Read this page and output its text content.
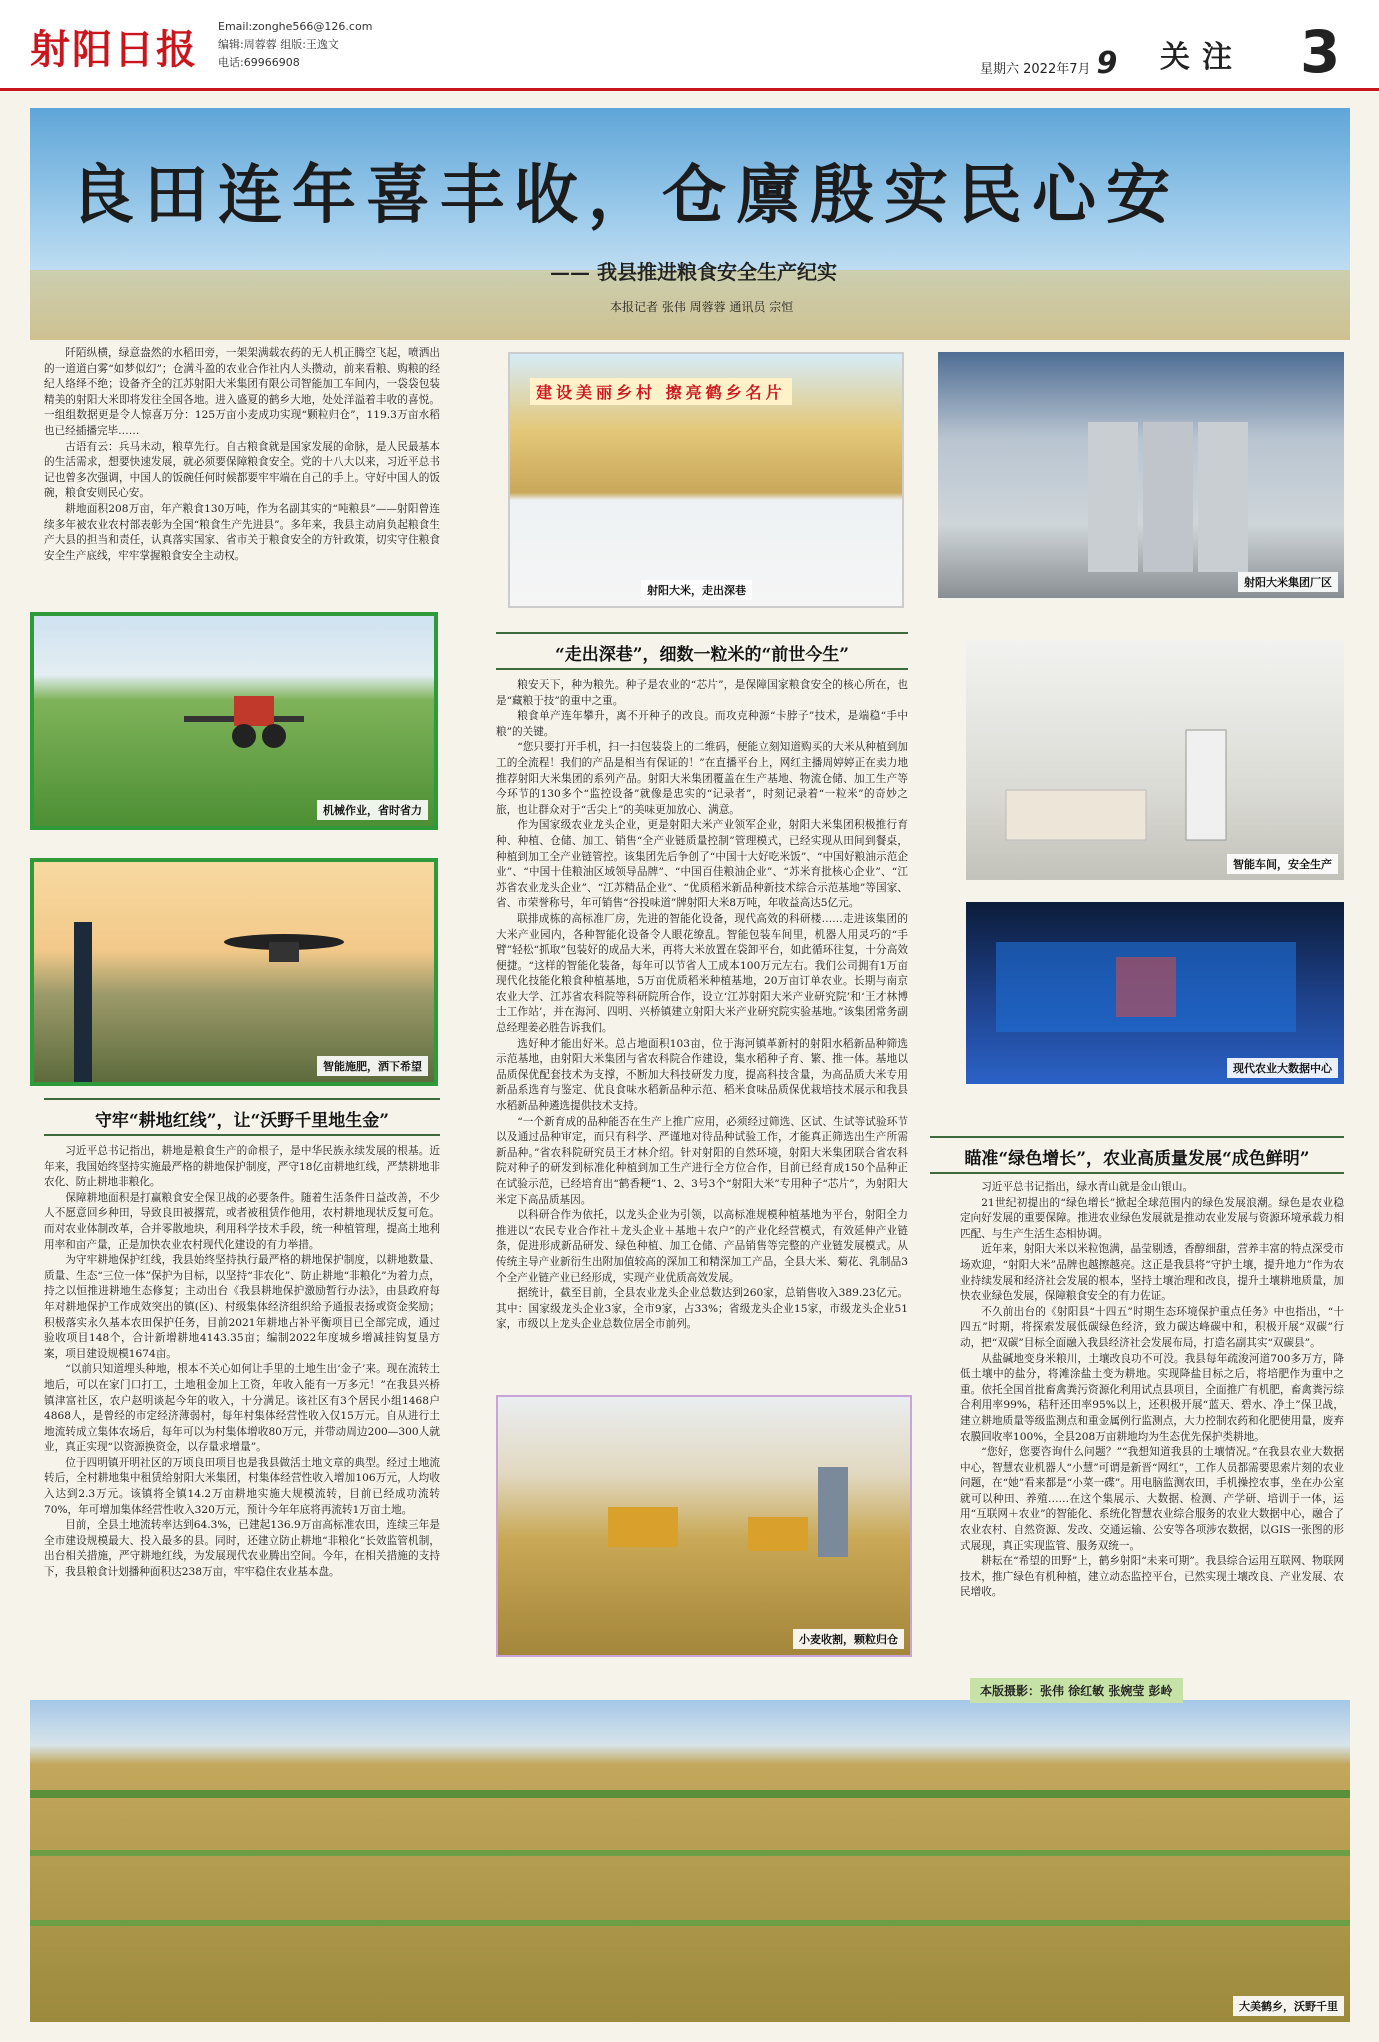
射阳日报 Email:zonghe566@126.com
编辑:周蓉蓉 组版:王逸文
电话:69966908	星期六 2022年7月 9 关注 3
良田连年喜丰收，仓廪殷实民心安
—— 我县推进粮食安全生产纪实
本报记者 张伟 周蓉蓉 通讯员 宗恒

阡陌纵横，绿意盎然的水稻田旁，一架架满载农药的无人机正腾空飞起，喷洒出的一道道白雾“如梦似幻”；仓满斗盈的农业合作社内人头攒动，前来看粮、购粮的经纪人络绎不绝；设备齐全的江苏射阳大米集团有限公司智能加工车间内，一袋袋包装精美的射阳大米即将发往全国各地。进入盛夏的鹤乡大地，处处洋溢着丰收的喜悦。一组组数据更是令人惊喜万分：125万亩小麦成功实现“颗粒归仓”，119.3万亩水稻也已经插播完毕……

古语有云：兵马未动，粮草先行。自古粮食就是国家发展的命脉，是人民最基本的生活需求，想要快速发展，就必须要保障粮食安全。党的十八大以来，习近平总书记也曾多次强调，中国人的饭碗任何时候都要牢牢端在自己的手上。守好中国人的饭碗，粮食安则民心安。

耕地面积208万亩，年产粮食130万吨，作为名副其实的“吨粮县”——射阳曾连续多年被农业农村部表彰为全国“粮食生产先进县”。多年来，我县主动肩负起粮食生产大县的担当和责任，认真落实国家、省市关于粮食安全的方针政策，切实守住粮食安全生产底线，牢牢掌握粮食安全主动权。

机械作业，省时省力
智能施肥，洒下希望
守牢“耕地红线”，让“沃野千里地生金”

习近平总书记指出，耕地是粮食生产的命根子，是中华民族永续发展的根基。近年来，我国始终坚持实施最严格的耕地保护制度，严守18亿亩耕地红线，严禁耕地非农化、防止耕地非粮化。

保障耕地面积是打赢粮食安全保卫战的必要条件。随着生活条件日益改善，不少人不愿意回乡种田，导致良田被撂荒，或者被租赁作他用，农村耕地现状反复可危。而对农业体制改革，合并零散地块，利用科学技术手段，统一种植管理，提高土地利用率和亩产量，正是加快农业农村现代化建设的有力举措。

为守牢耕地保护红线，我县始终坚持执行最严格的耕地保护制度，以耕地数量、质量、生态“三位一体”保护为目标，以坚持“非农化”、防止耕地“非粮化”为着力点，持之以恒推进耕地生态修复；主动出台《我县耕地保护激励暂行办法》，由县政府每年对耕地保护工作成效突出的镇(区)、村级集体经济组织给予通报表扬或资金奖励；积极落实永久基本农田保护任务，目前2021年耕地占补平衡项目已全部完成，通过验收项目148个，合计新增耕地4143.35亩；编制2022年度城乡增减挂钩复垦方案，项目建设规模1674亩。

“以前只知道埋头种地，根本不关心如何让手里的土地生出‘金子’来。现在流转土地后，可以在家门口打工，土地租金加上工资，年收入能有一万多元！”在我县兴桥镇津富社区，农户赵明谈起今年的收入，十分满足。该社区有3个居民小组1468户4868人，是曾经的市定经济薄弱村，每年村集体经营性收入仅15万元。自从进行土地流转成立集体农场后，每年可以为村集体增收80万元，并带动周边200—300人就业，真正实现“以资源换资金，以存量求增量”。

位于四明镇开明社区的万顷良田项目也是我县做活土地文章的典型。经过土地流转后，全村耕地集中租赁给射阳大米集团，村集体经营性收入增加106万元，人均收入达到2.3万元。该镇将全镇14.2万亩耕地实施大规模流转，目前已经成功流转70%，年可增加集体经营性收入320万元，预计今年年底将再流转1万亩土地。

目前，全县土地流转率达到64.3%，已建起136.9万亩高标准农田，连续三年是全市建设规模最大、投入最多的县。同时，还建立防止耕地“非粮化”长效监管机制，出台相关措施，严守耕地红线，为发展现代农业腾出空间。今年，在相关措施的支持下，我县粮食计划播种面积达238万亩，牢牢稳住农业基本盘。

建设美丽乡村 擦亮鹤乡名片
射阳大米，走出深巷
“走出深巷”，细数一粒米的“前世今生”

粮安天下，种为粮先。种子是农业的“芯片”，是保障国家粮食安全的核心所在，也是“藏粮于技”的重中之重。

粮食单产连年攀升，离不开种子的改良。而攻克种源“卡脖子”技术，是端稳“手中粮”的关键。

“您只要打开手机，扫一扫包装袋上的二维码，便能立刻知道购买的大米从种植到加工的全流程！我们的产品是相当有保证的！”在直播平台上，网红主播周婷婷正在卖力地推荐射阳大米集团的系列产品。射阳大米集团覆盖在生产基地、物流仓储、加工生产等今环节的130多个“监控设备”就像是忠实的“记录者”，时刻记录着“一粒米”的奇妙之旅，也让群众对于“舌尖上”的美味更加放心、满意。

作为国家级农业龙头企业，更是射阳大米产业领军企业，射阳大米集团积极推行育种、种植、仓储、加工、销售“全产业链质量控制”管理模式，已经实现从田间到餐桌，种植到加工全产业链管控。该集团先后争创了“中国十大好吃米饭”、“中国好粮油示范企业”、“中国十佳粮油区域领导品牌”、“中国百佳粮油企业”、“苏米育批核心企业”、“江苏省农业龙头企业”、“江苏精品企业”、“优质稻米新品种新技术综合示范基地”等国家、省、市荣誉称号，年可销售“谷投味道”牌射阳大米8万吨，年收益高达5亿元。

联排成栋的高标准厂房，先进的智能化设备，现代高效的科研楼……走进该集团的大米产业园内，各种智能化设备令人眼花缭乱。智能包装车间里，机器人用灵巧的“手臂”轻松“抓取”包装好的成品大米，再将大米放置在袋卸平台，如此循环往复，十分高效便捷。“这样的智能化装备，每年可以节省人工成本100万元左右。我们公司拥有1万亩现代化技能化粮食种植基地，5万亩优质稻米种植基地，20万亩订单农业。长期与南京农业大学、江苏省农科院等科研院所合作，设立‘江苏射阳大米产业研究院’和‘王才林博士工作站’，并在海河、四明、兴桥镇建立射阳大米产业研究院实验基地。”该集团常务副总经理姜必胜告诉我们。

选好种才能出好米。总占地面积103亩，位于海河镇革新村的射阳水稻新品种筛选示范基地，由射阳大米集团与省农科院合作建设，集水稻种子育、繁、推一体。基地以品质保优配套技术为支撑，不断加大科技研发力度，提高科技含量，为高品质大米专用新品系选育与鉴定、优良食味水稻新品种示范、稻米食味品质保优栽培技术展示和我县水稻新品种遴选提供技术支持。

“一个新育成的品种能否在生产上推广应用，必须经过筛选、区试、生试等试验环节以及通过品种审定，而只有科学、严谨地对待品种试验工作，才能真正筛选出生产所需新品种。”省农科院研究员王才林介绍。针对射阳的自然环境，射阳大米集团联合省农科院对种子的研发到标准化种植到加工生产进行全方位合作，目前已经育成150个品种正在试验示范，已经培育出“鹤香粳”1、2、3号3个“射阳大米”专用种子“芯片”，为射阳大米定下高品质基因。

以科研合作为依托，以龙头企业为引领，以高标准规模种植基地为平台，射阳全力推进以“农民专业合作社＋龙头企业＋基地＋农户”的产业化经营模式，有效延伸产业链条，促进形成新品研发、绿色种植、加工仓储、产品销售等完整的产业链发展模式。从传统主导产业新衍生出附加值较高的深加工和精深加工产品，全县大米、菊花、乳制品3个全产业链产业已经形成，实现产业优质高效发展。

据统计，截至目前，全县农业龙头企业总数达到260家，总销售收入389.23亿元。其中：国家级龙头企业3家，全市9家，占33%；省级龙头企业15家，市级龙头企业51家，市级以上龙头企业总数位居全市前列。

小麦收割，颗粒归仓
射阳大米集团厂区
智能车间，安全生产
现代农业大数据中心
瞄准“绿色增长”，农业高质量发展“成色鲜明”

习近平总书记指出，绿水青山就是金山银山。

21世纪初提出的“绿色增长”掀起全球范围内的绿色发展浪潮。绿色是农业稳定向好发展的重要保障。推进农业绿色发展就是推动农业发展与资源环境承载力相匹配、与生产生活生态相协调。

近年来，射阳大米以米粒饱满，晶莹剔透，香醇细甜，营养丰富的特点深受市场欢迎，“射阳大米”品牌也越擦越亮。这正是我县将“守护土壤，提升地力”作为农业持续发展和经济社会发展的根本，坚持土壤治理和改良，提升土壤耕地质量，加快农业绿色发展，保障粮食安全的有力佐证。

不久前出台的《射阳县“十四五”时期生态环境保护重点任务》中也指出，“十四五”时期，将探索发展低碳绿色经济，致力碳达峰碳中和，积极开展“双碳”行动，把“双碳”目标全面融入我县经济社会发展布局，打造名副其实“双碳县”。

从盐碱地变身米粮川，土壤改良功不可没。我县每年疏浚河道700多万方，降低土壤中的盐分，将滩涂盐土变为耕地。实现降盐目标之后，将培肥作为重中之重。依托全国首批畜禽粪污资源化利用试点县项目，全面推广有机肥，畜禽粪污综合利用率99%，秸秆还田率95%以上，还积极开展“蓝天、碧水、净土”保卫战，建立耕地质量等级监测点和重金属例行监测点，大力控制农药和化肥使用量，废弃农膜回收率100%，全县208万亩耕地均为生态优先保护类耕地。

“您好，您要咨询什么问题？”“我想知道我县的土壤情况。”在我县农业大数据中心，智慧农业机器人“小慧”可谓是新晋“网红”，工作人员都需要思索片刻的农业问题，在“她”看来都是“小菜一碟”。用电脑监测农田，手机操控农事，坐在办公室就可以种田、养殖……在这个集展示、大数据、检测、产学研、培训于一体，运用“互联网＋农业”的智能化、系统化智慧农业综合服务的农业大数据中心，融合了农业农村、自然资源、发改、交通运输、公安等各项涉农数据，以GIS一张图的形式展现，真正实现监管、服务双统一。

耕耘在“希望的田野”上，鹤乡射阳“未来可期”。我县综合运用互联网、物联网技术，推广绿色有机种植，建立动态监控平台，已然实现土壤改良、产业发展、农民增收。

大美鹤乡，沃野千里
本版摄影：张伟 徐红敏 张婉莹 彭岭
